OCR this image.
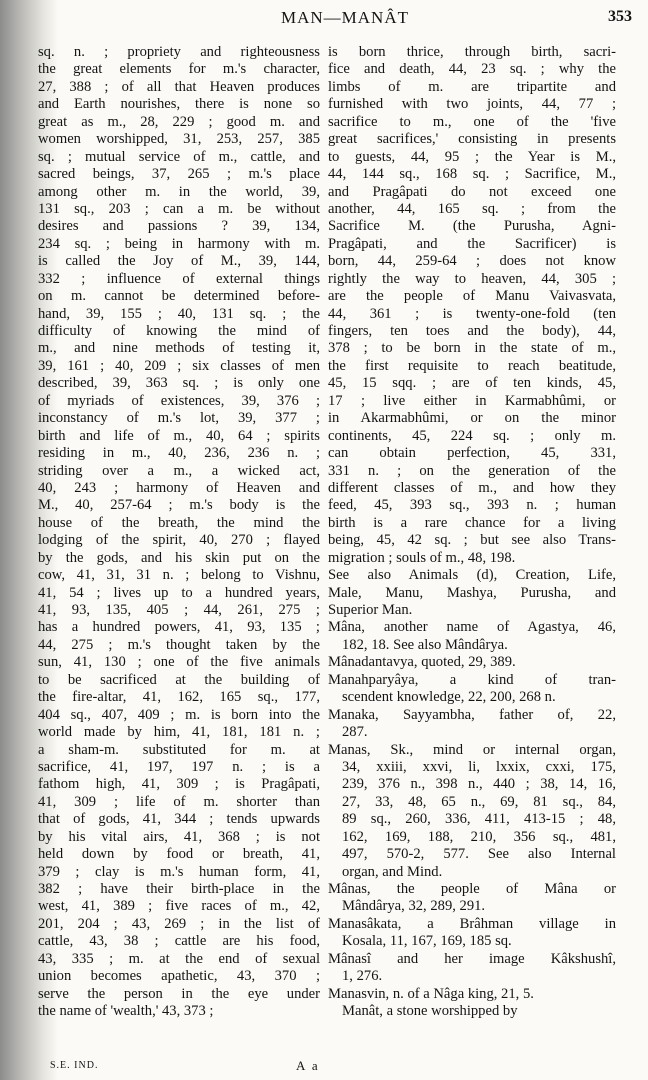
MAN—MANÂT	353
sq. n. ; propriety and righteousness
the great elements for m.'s character,
27, 388 ; of all that Heaven produces
and Earth nourishes, there is none so
great as m., 28, 229 ; good m. and
women worshipped, 31, 253, 257, 385
sq. ; mutual service of m., cattle, and
sacred beings, 37, 265 ; m.'s place
among other m. in the world, 39,
131 sq., 203 ; can a m. be without
desires and passions ? 39, 134,
234 sq. ; being in harmony with m.
is called the Joy of M., 39, 144,
332 ; influence of external things
on m. cannot be determined before-
hand, 39, 155 ; 40, 131 sq. ; the
difficulty of knowing the mind of
m., and nine methods of testing it,
39, 161 ; 40, 209 ; six classes of men
described, 39, 363 sq. ; is only one
of myriads of existences, 39, 376 ;
inconstancy of m.'s lot, 39, 377 ;
birth and life of m., 40, 64 ; spirits
residing in m., 40, 236, 236 n. ;
striding over a m., a wicked act,
40, 243 ; harmony of Heaven and
M., 40, 257-64 ; m.'s body is the
house of the breath, the mind the
lodging of the spirit, 40, 270 ; flayed
by the gods, and his skin put on the
cow, 41, 31, 31 n. ; belong to Vishnu,
41, 54 ; lives up to a hundred years,
41, 93, 135, 405 ; 44, 261, 275 ;
has a hundred powers, 41, 93, 135 ;
44, 275 ; m.'s thought taken by the
sun, 41, 130 ; one of the five animals
to be sacrificed at the building of
the fire-altar, 41, 162, 165 sq., 177,
404 sq., 407, 409 ; m. is born into the
world made by him, 41, 181, 181 n. ;
a sham-m. substituted for m. at
sacrifice, 41, 197, 197 n. ; is a
fathom high, 41, 309 ; is Pragâpati,
41, 309 ; life of m. shorter than
that of gods, 41, 344 ; tends upwards
by his vital airs, 41, 368 ; is not
held down by food or breath, 41,
379 ; clay is m.'s human form, 41,
382 ; have their birth-place in the
west, 41, 389 ; five races of m., 42,
201, 204 ; 43, 269 ; in the list of
cattle, 43, 38 ; cattle are his food,
43, 335 ; m. at the end of sexual
union becomes apathetic, 43, 370 ;
serve the person in the eye under
the name of 'wealth,' 43, 373 ;
is born thrice, through birth, sacri-
fice and death, 44, 23 sq. ; why the
limbs of m. are tripartite and
furnished with two joints, 44, 77 ;
sacrifice to m., one of the 'five
great sacrifices,' consisting in presents
to guests, 44, 95 ; the Year is M.,
44, 144 sq., 168 sq. ; Sacrifice, M.,
and Pragâpati do not exceed one
another, 44, 165 sq. ; from the
Sacrifice M. (the Purusha, Agni-
Pragâpati, and the Sacrificer) is
born, 44, 259-64 ; does not know
rightly the way to heaven, 44, 305 ;
are the people of Manu Vaivasvata,
44, 361 ; is twenty-one-fold (ten
fingers, ten toes and the body), 44,
378 ; to be born in the state of m.,
the first requisite to reach beatitude,
45, 15 sqq. ; are of ten kinds, 45,
17 ; live either in Karmabhûmi, or
in Akarmabhûmi, or on the minor
continents, 45, 224 sq. ; only m.
can obtain perfection, 45, 331,
331 n. ; on the generation of the
different classes of m., and how they
feed, 45, 393 sq., 393 n. ; human
birth is a rare chance for a living
being, 45, 42 sq. ; but see also Trans-
migration ; souls of m., 48, 198.
See also Animals (d), Creation, Life,
Male, Manu, Mashya, Purusha, and
Superior Man.
Mâna, another name of Agastya, 46,
182, 18. See also Mândârya.
Mânadantavya, quoted, 29, 389.
Manahparyâya, a kind of tran-
scendent knowledge, 22, 200, 268 n.
Manaka, Sayyambha, father of, 22,
287.
Manas, Sk., mind or internal organ,
34, xxiii, xxvi, li, lxxix, cxxi, 175,
239, 376 n., 398 n., 440 ; 38, 14, 16,
27, 33, 48, 65 n., 69, 81 sq., 84,
89 sq., 260, 336, 411, 413-15 ; 48,
162, 169, 188, 210, 356 sq., 481,
497, 570-2, 577. See also Internal
organ, and Mind.
Mânas, the people of Mâna or
Mândârya, 32, 289, 291.
Manasâkata, a Brâhman village in
Kosala, 11, 167, 169, 185 sq.
Mânasî and her image Kâkshushî,
1, 276.
Manasvin, n. of a Nâga king, 21, 5.
Manât, a stone worshipped by
S.E. IND.	A a
